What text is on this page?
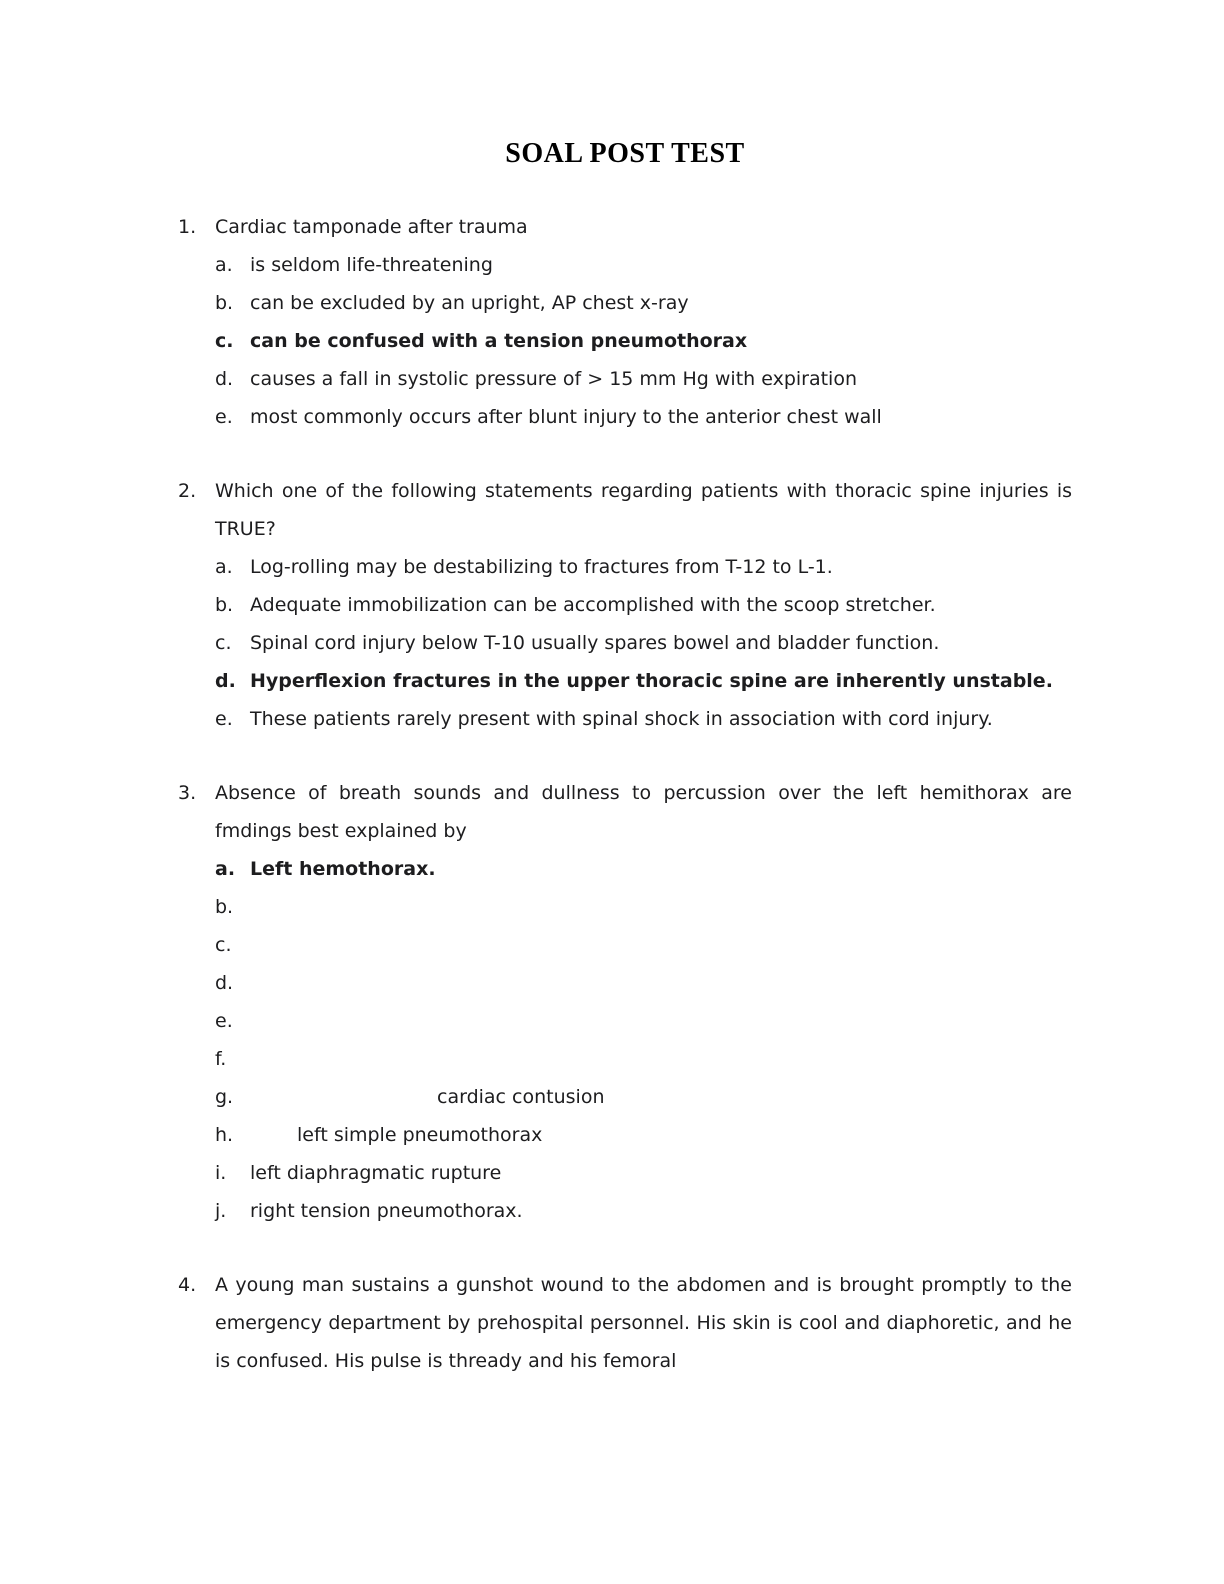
SOAL POST TEST
1. Cardiac tamponade after trauma
a. is seldom life-threatening
b. can be excluded by an upright, AP chest x-ray
c. can be confused with a tension pneumothorax
d. causes a fall in systolic pressure of > 15 mm Hg with expiration
e. most commonly occurs after blunt injury to the anterior chest wall
2. Which one of the following statements regarding patients with thoracic spine injuries is TRUE?
a. Log-rolling may be destabilizing to fractures from T-12 to L-1.
b. Adequate immobilization can be accomplished with the scoop stretcher.
c. Spinal cord injury below T-10 usually spares bowel and bladder function.
d. Hyperflexion fractures in the upper thoracic spine are inherently unstable.
e. These patients rarely present with spinal shock in association with cord injury.
3. Absence of breath sounds and dullness to percussion over the left hemithorax are fmdings best explained by
a. Left hemothorax.
b.
c.
d.
e.
f.
g.	cardiac contusion
h.	left simple pneumothorax
i.	left diaphragmatic rupture
j.	right tension pneumothorax.
4. A young man sustains a gunshot wound to the abdomen and is brought promptly to the emergency department by prehospital personnel. His skin is cool and diaphoretic, and he is confused. His pulse is thready and his femoral
